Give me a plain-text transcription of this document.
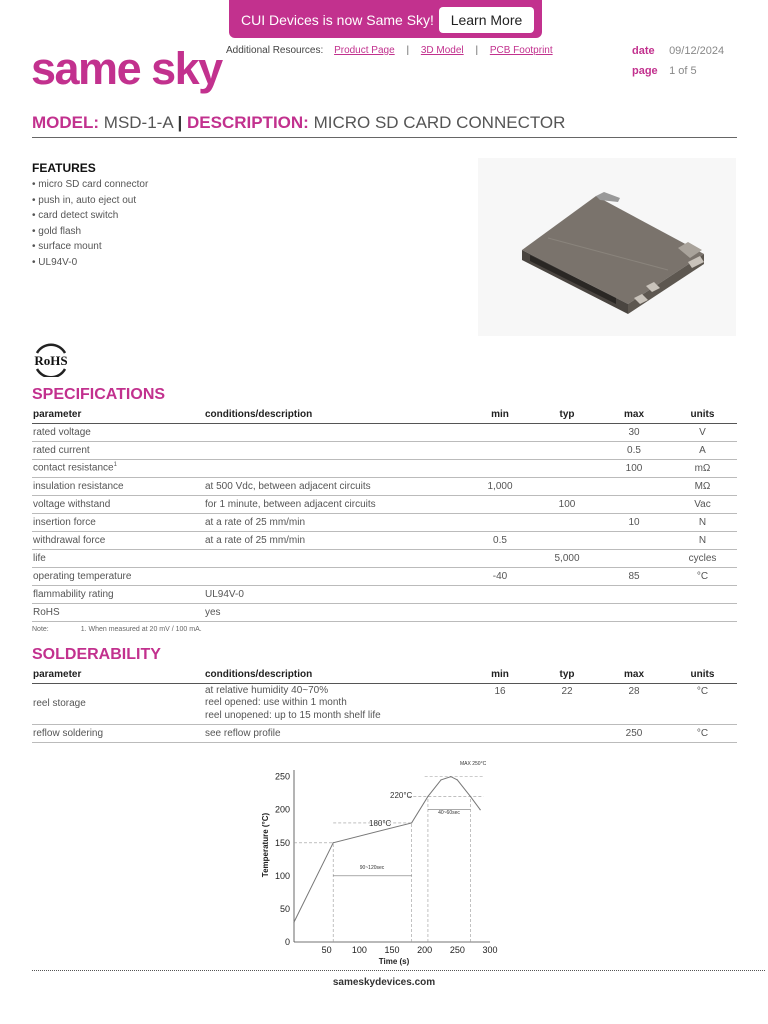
CUI Devices is now Same Sky!	Learn More
same sky Additional Resources: Product Page | 3D Model | PCB Footprint	date 09/12/2024
page 1 of 5
MODEL: MSD-1-A | DESCRIPTION: MICRO SD CARD CONNECTOR
FEATURES
• micro SD card connector
• push in, auto eject out
• card detect switch
• gold flash
• surface mount
• UL94V-0
RoHS
SPECIFICATIONS
parameter	conditions/description	min	typ	max	units
rated voltage				30	V
rated current				0.5	A
contact resistance$^1$				100	mΩ
insulation resistance	at 500 Vdc, between adjacent circuits	1,000			MΩ
voltage withstand	for 1 minute, between adjacent circuits		100		Vac
insertion force	at a rate of 25 mm/min			10	N
withdrawal force	at a rate of 25 mm/min	0.5			N
life			5,000		cycles
operating temperature		-40		85	°C
flammability rating	UL94V-0				
RoHS	yes				
Note:	1. When measured at 20 mV / 100 mA.
SOLDERABILITY
parameter	conditions/description	min	typ	max	units
reel storage	at relative humidity 40~70%
reel opened: use within 1 month
reel unopened: up to 15 month shelf life	16	22	28	°C
reflow soldering	see reflow profile			250	°C
Temperature (°C)
Time (s)
0
50
100
150
200
250
50 100 150 200 250 300
MAX 250°C
220°C
180°C
90~120sec
40~60sec
sameskydevices.com
